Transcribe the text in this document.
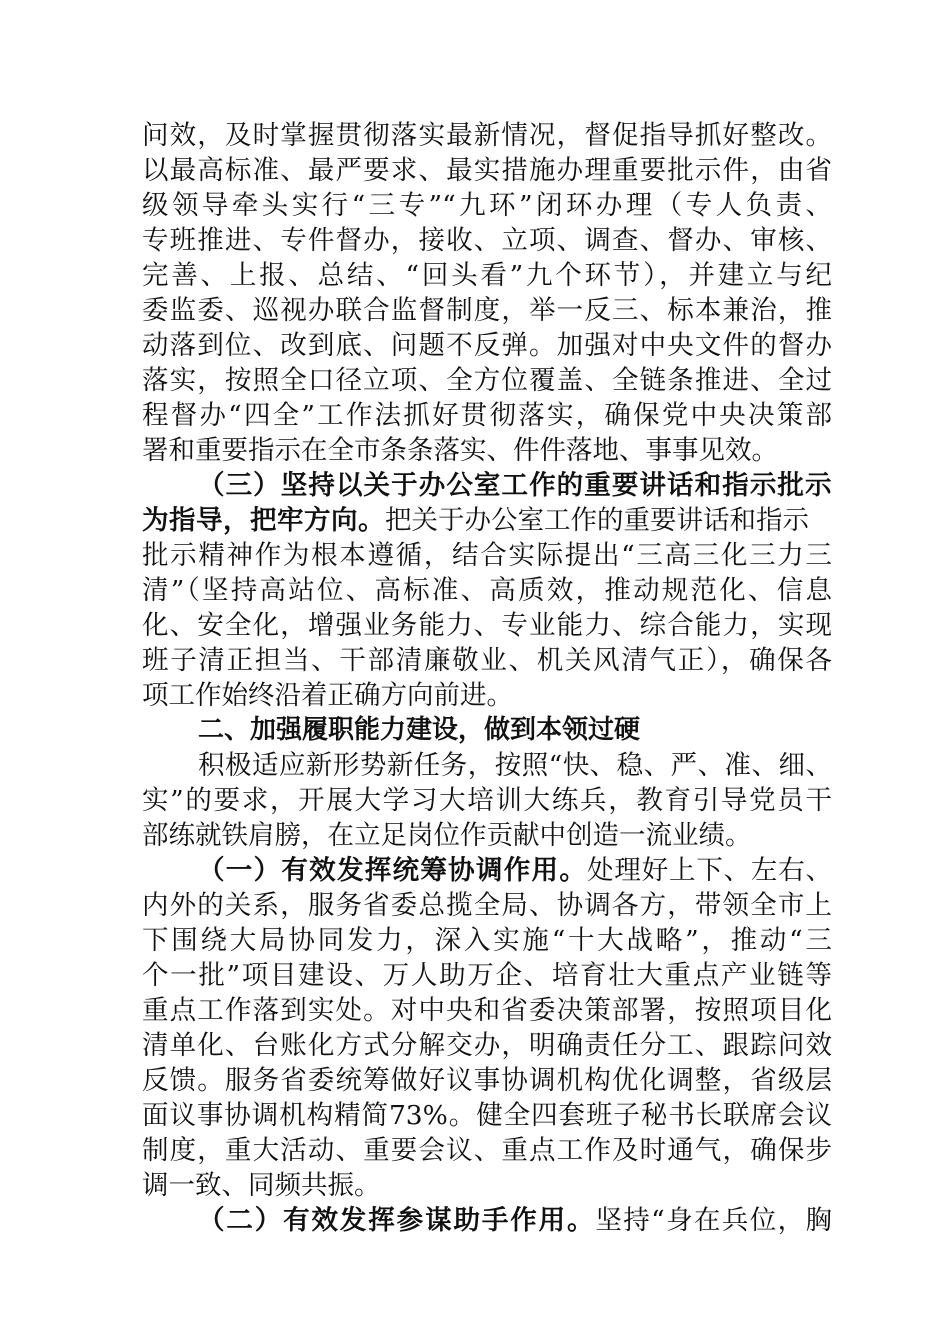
问效，及时掌握贯彻落实最新情况，督促指导抓好整改。
以最高标准、最严要求、最实措施办理重要批示件，由省
级领导牵头实行“三专”“九环”闭环办理（专人负责、
专班推进、专件督办，接收、立项、调查、督办、审核、
完善、上报、总结、“回头看”九个环节），并建立与纪
委监委、巡视办联合监督制度，举一反三、标本兼治，推
动落到位、改到底、问题不反弹。加强对中央文件的督办
落实，按照全口径立项、全方位覆盖、全链条推进、全过
程督办“四全”工作法抓好贯彻落实，确保党中央决策部
署和重要指示在全市条条落实、件件落地、事事见效。
（三）坚持以关于办公室工作的重要讲话和指示批示
为指导，把牢方向。把关于办公室工作的重要讲话和指示
批示精神作为根本遵循，结合实际提出“三高三化三力三
清”（坚持高站位、高标准、高质效，推动规范化、信息
化、安全化，增强业务能力、专业能力、综合能力，实现
班子清正担当、干部清廉敬业、机关风清气正），确保各
项工作始终沿着正确方向前进。
二、加强履职能力建设，做到本领过硬
积极适应新形势新任务，按照“快、稳、严、准、细、
实”的要求，开展大学习大培训大练兵，教育引导党员干
部练就铁肩膀，在立足岗位作贡献中创造一流业绩。
（一）有效发挥统筹协调作用。处理好上下、左右、
内外的关系，服务省委总揽全局、协调各方，带领全市上
下围绕大局协同发力，深入实施“十大战略”，推动“三
个一批”项目建设、万人助万企、培育壮大重点产业链等
重点工作落到实处。对中央和省委决策部署，按照项目化
清单化、台账化方式分解交办，明确责任分工、跟踪问效
反馈。服务省委统筹做好议事协调机构优化调整，省级层
面议事协调机构精简73%。健全四套班子秘书长联席会议
制度，重大活动、重要会议、重点工作及时通气，确保步
调一致、同频共振。
（二）有效发挥参谋助手作用。坚持“身在兵位，胸
